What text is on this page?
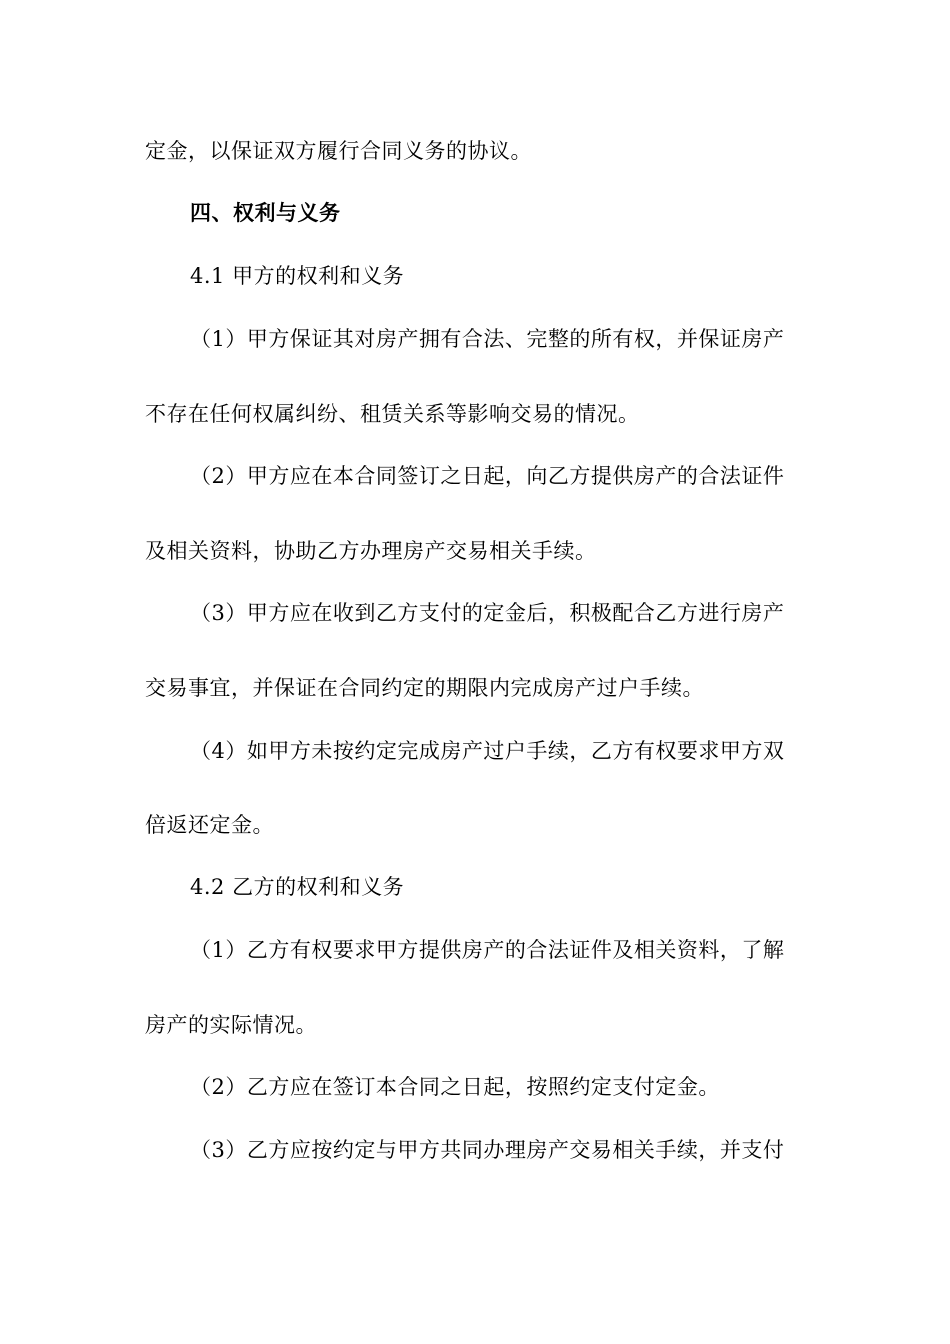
定金，以保证双方履行合同义务的协议。
四、权利与义务
4.1 甲方的权利和义务
（1）甲方保证其对房产拥有合法、完整的所有权，并保证房产
不存在任何权属纠纷、租赁关系等影响交易的情况。
（2）甲方应在本合同签订之日起，向乙方提供房产的合法证件
及相关资料，协助乙方办理房产交易相关手续。
（3）甲方应在收到乙方支付的定金后，积极配合乙方进行房产
交易事宜，并保证在合同约定的期限内完成房产过户手续。
（4）如甲方未按约定完成房产过户手续，乙方有权要求甲方双
倍返还定金。
4.2 乙方的权利和义务
（1）乙方有权要求甲方提供房产的合法证件及相关资料，了解
房产的实际情况。
（2）乙方应在签订本合同之日起，按照约定支付定金。
（3）乙方应按约定与甲方共同办理房产交易相关手续，并支付
